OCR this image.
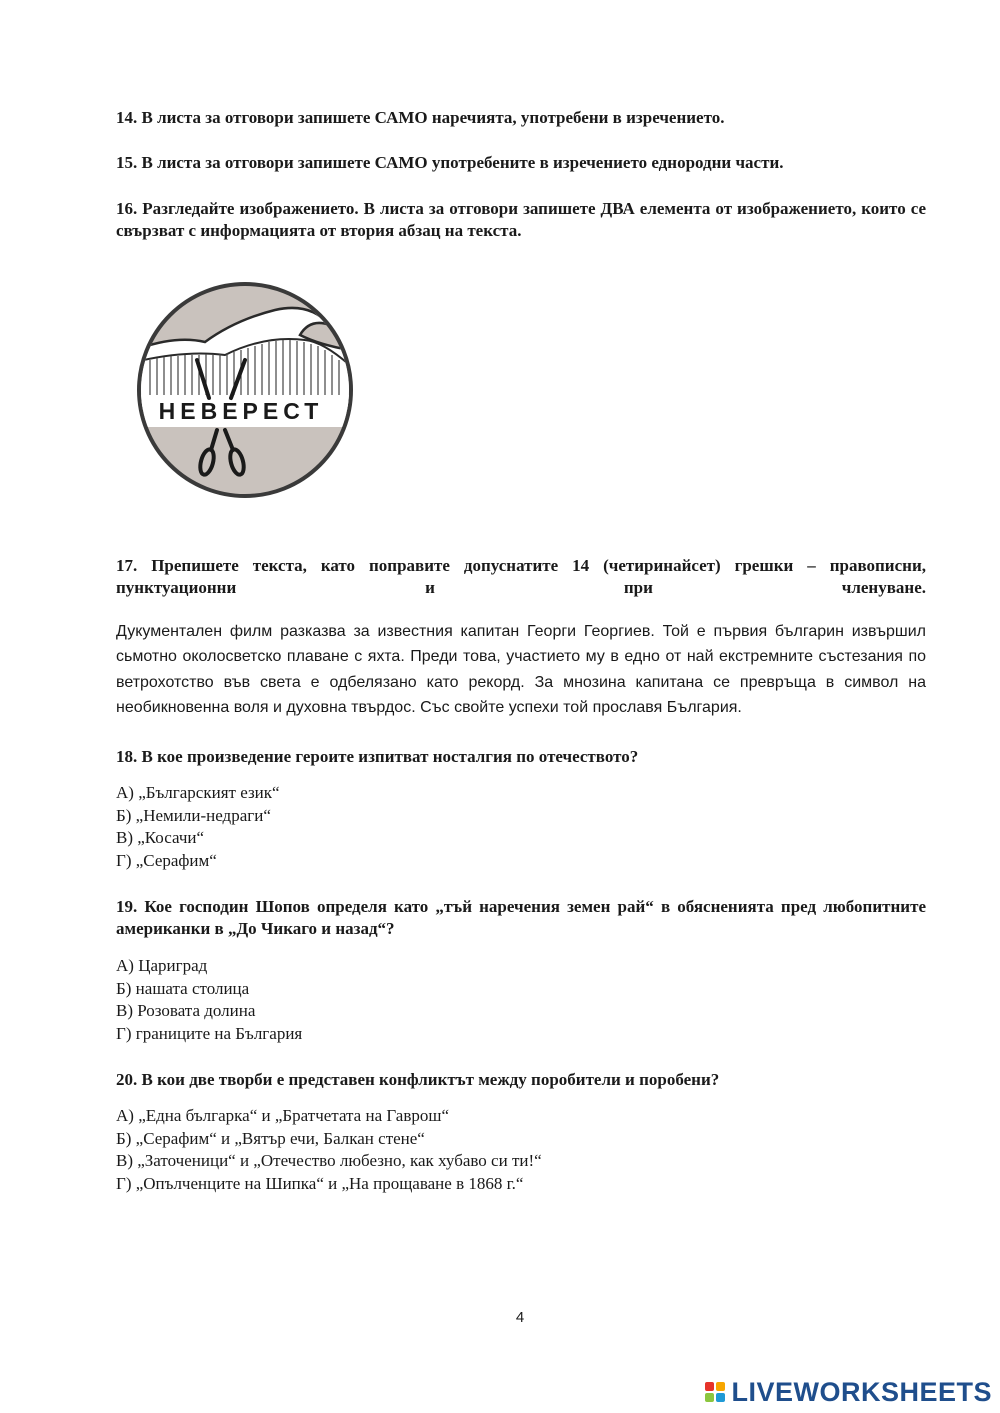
14. В листа за отговори запишете САМО наречията, употребени в изречението.

15. В листа за отговори запишете САМО употребените в изречението еднородни части.

16. Разгледайте изображението. В листа за отговори запишете ДВА елемента от изображението, които се свързват с информацията от втория абзац на текста.

НЕВЕРЕСТ

17. Препишете текста, като поправите допуснатите 14 (четиринайсет) грешки – правописни, пунктуационни и при членуване.

Дукументален филм разказва за известния капитан Георги Георгиев. Той е първия българин извършил сьмотно околосветско плаване с яхта. Преди това, участието му в едно от най екстремните състезания по ветрохотство във света е одбелязано като рекорд. За мнозина капитана се превръща в символ на необикновенна воля и духовна твърдос. Със свойте успехи той прославя България.

18. В кое произведение героите изпитват носталгия по отечеството?

А) „Българският език“
Б) „Немили-недраги“
В) „Косачи“
Г) „Серафим“

19. Кое господин Шопов определя като „тъй наречения земен рай“ в обясненията пред любопитните американки в „До Чикаго и назад“?

А) Цариград
Б) нашата столица
В) Розовата долина
Г) границите на България

20. В кои две творби е представен конфликтът между поробители и поробени?

А) „Една българка“ и „Братчетата на Гаврош“
Б) „Серафим“ и „Вятър ечи, Балкан стене“
В) „Заточеници“ и „Отечество любезно, как хубаво си ти!“
Г) „Опълченците на Шипка“ и „На прощаване в 1868 г.“
4
LIVEWORKSHEETS
